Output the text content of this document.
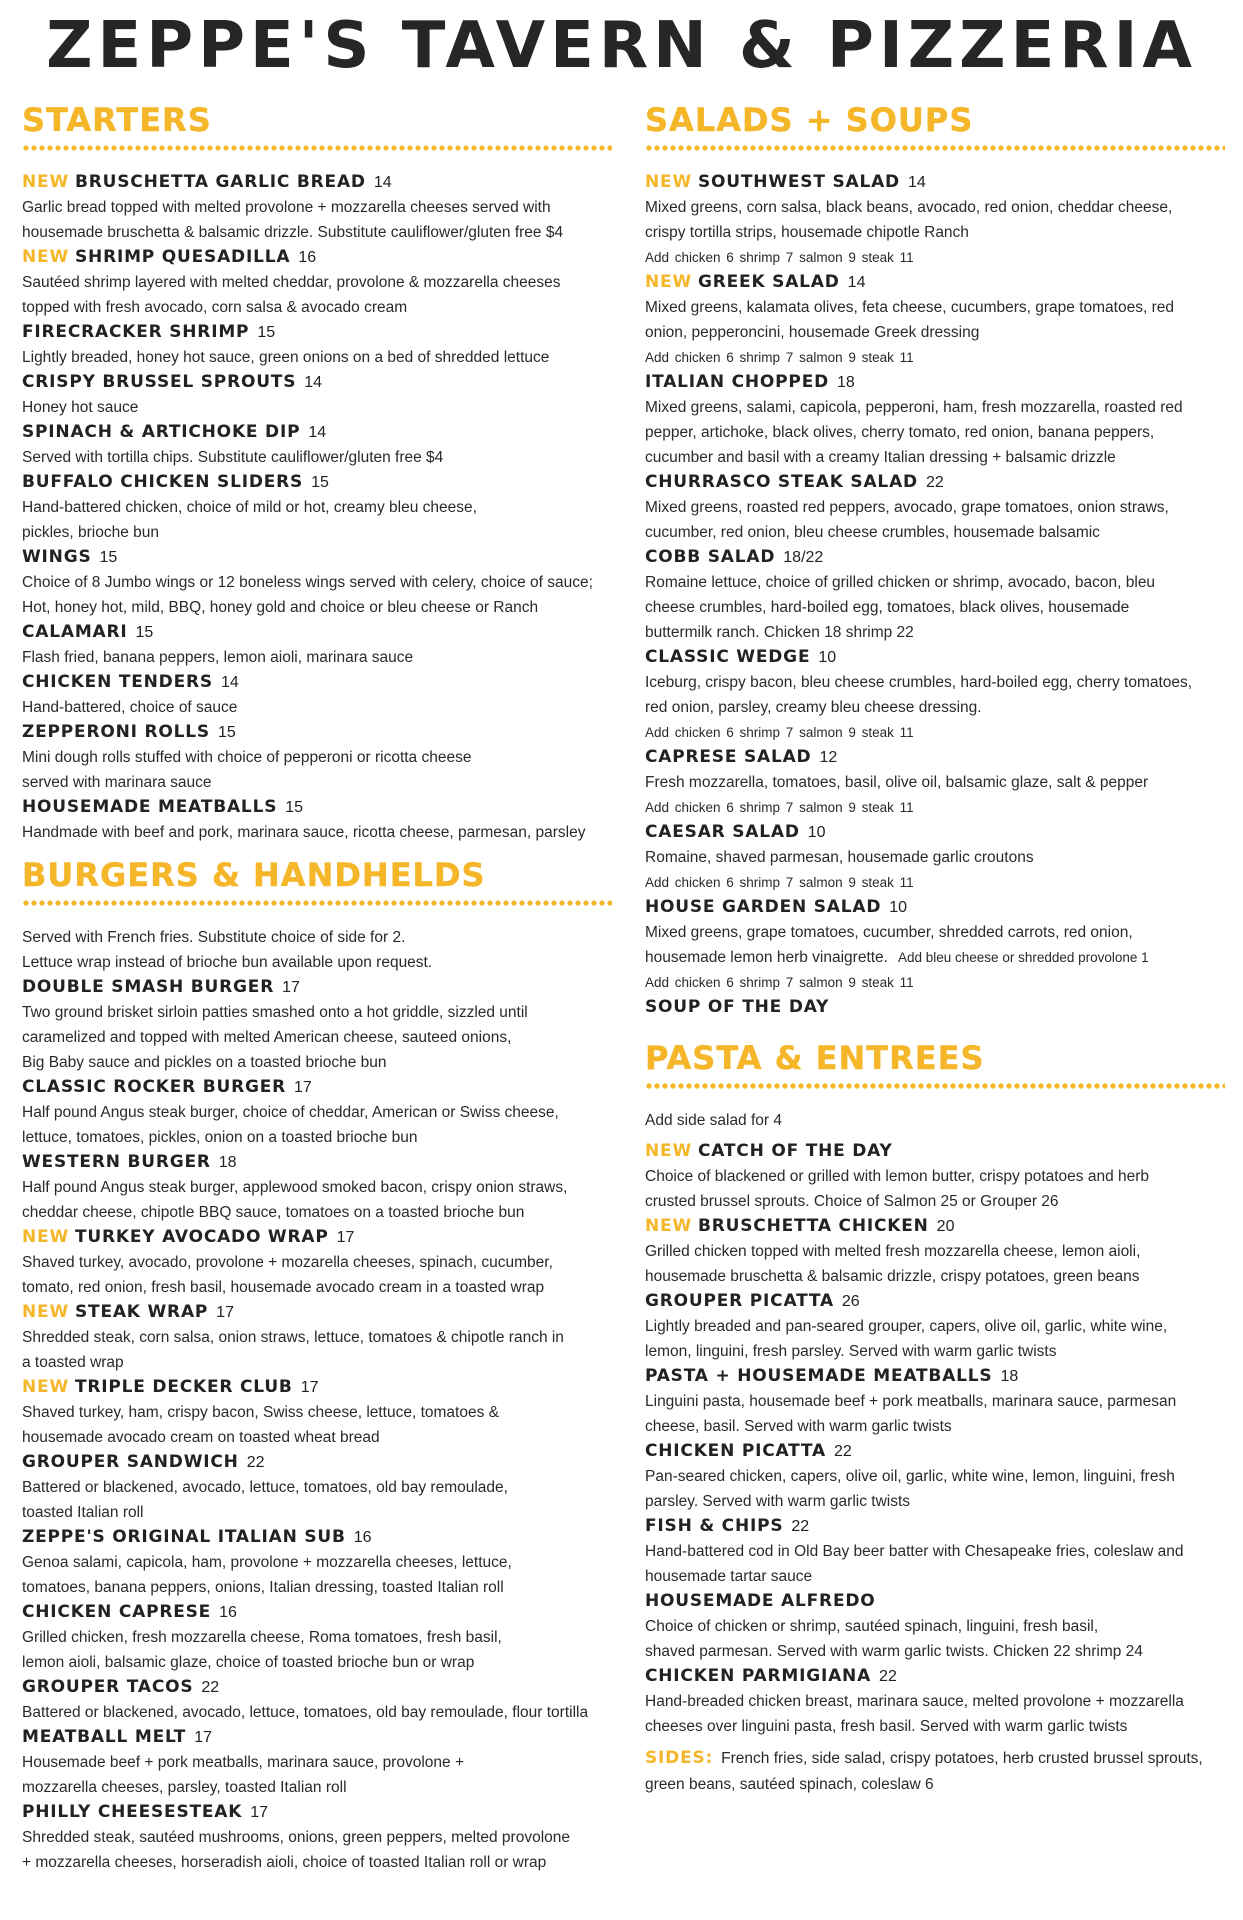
ZEPPE'S TAVERN & PIZZERIA
STARTERS
NEW BRUSCHETTA GARLIC BREAD 14
Garlic bread topped with melted provolone + mozzarella cheeses served with
housemade bruschetta & balsamic drizzle. Substitute cauliflower/gluten free $4
NEW SHRIMP QUESADILLA 16
Sautéed shrimp layered with melted cheddar, provolone & mozzarella cheeses
topped with fresh avocado, corn salsa & avocado cream
FIRECRACKER SHRIMP 15
Lightly breaded, honey hot sauce, green onions on a bed of shredded lettuce
CRISPY BRUSSEL SPROUTS 14
Honey hot sauce
SPINACH & ARTICHOKE DIP 14
Served with tortilla chips. Substitute cauliflower/gluten free $4
BUFFALO CHICKEN SLIDERS 15
Hand-battered chicken, choice of mild or hot, creamy bleu cheese,
pickles, brioche bun
WINGS 15
Choice of 8 Jumbo wings or 12 boneless wings served with celery, choice of sauce;
Hot, honey hot, mild, BBQ, honey gold and choice or bleu cheese or Ranch
CALAMARI 15
Flash fried, banana peppers, lemon aioli, marinara sauce
CHICKEN TENDERS 14
Hand-battered, choice of sauce
ZEPPERONI ROLLS 15
Mini dough rolls stuffed with choice of pepperoni or ricotta cheese
served with marinara sauce
HOUSEMADE MEATBALLS 15
Handmade with beef and pork, marinara sauce, ricotta cheese, parmesan, parsley
BURGERS & HANDHELDS
Served with French fries. Substitute choice of side for 2.
Lettuce wrap instead of brioche bun available upon request.
DOUBLE SMASH BURGER 17
Two ground brisket sirloin patties smashed onto a hot griddle, sizzled until
caramelized and topped with melted American cheese, sauteed onions,
Big Baby sauce and pickles on a toasted brioche bun
CLASSIC ROCKER BURGER 17
Half pound Angus steak burger, choice of cheddar, American or Swiss cheese,
lettuce, tomatoes, pickles, onion on a toasted brioche bun
WESTERN BURGER 18
Half pound Angus steak burger, applewood smoked bacon, crispy onion straws,
cheddar cheese, chipotle BBQ sauce, tomatoes on a toasted brioche bun
NEW TURKEY AVOCADO WRAP 17
Shaved turkey, avocado, provolone + mozarella cheeses, spinach, cucumber,
tomato, red onion, fresh basil, housemade avocado cream in a toasted wrap
NEW STEAK WRAP 17
Shredded steak, corn salsa, onion straws, lettuce, tomatoes & chipotle ranch in
a toasted wrap
NEW TRIPLE DECKER CLUB 17
Shaved turkey, ham, crispy bacon, Swiss cheese, lettuce, tomatoes &
housemade avocado cream on toasted wheat bread
GROUPER SANDWICH 22
Battered or blackened, avocado, lettuce, tomatoes, old bay remoulade,
toasted Italian roll
ZEPPE'S ORIGINAL ITALIAN SUB 16
Genoa salami, capicola, ham, provolone + mozzarella cheeses, lettuce,
tomatoes, banana peppers, onions, Italian dressing, toasted Italian roll
CHICKEN CAPRESE 16
Grilled chicken, fresh mozzarella cheese, Roma tomatoes, fresh basil,
lemon aioli, balsamic glaze, choice of toasted brioche bun or wrap
GROUPER TACOS 22
Battered or blackened, avocado, lettuce, tomatoes, old bay remoulade, flour tortilla
MEATBALL MELT 17
Housemade beef + pork meatballs, marinara sauce, provolone +
mozzarella cheeses, parsley, toasted Italian roll
PHILLY CHEESESTEAK 17
Shredded steak, sautéed mushrooms, onions, green peppers, melted provolone
+ mozzarella cheeses, horseradish aioli, choice of toasted Italian roll or wrap
SALADS + SOUPS
NEW SOUTHWEST SALAD 14
Mixed greens, corn salsa, black beans, avocado, red onion, cheddar cheese,
crispy tortilla strips, housemade chipotle Ranch
Add chicken 6 shrimp 7 salmon 9 steak 11
NEW GREEK SALAD 14
Mixed greens, kalamata olives, feta cheese, cucumbers, grape tomatoes, red
onion, pepperoncini, housemade Greek dressing
Add chicken 6 shrimp 7 salmon 9 steak 11
ITALIAN CHOPPED 18
Mixed greens, salami, capicola, pepperoni, ham, fresh mozzarella, roasted red
pepper, artichoke, black olives, cherry tomato, red onion, banana peppers,
cucumber and basil with a creamy Italian dressing + balsamic drizzle
CHURRASCO STEAK SALAD 22
Mixed greens, roasted red peppers, avocado, grape tomatoes, onion straws,
cucumber, red onion, bleu cheese crumbles, housemade balsamic
COBB SALAD 18/22
Romaine lettuce, choice of grilled chicken or shrimp, avocado, bacon, bleu
cheese crumbles, hard-boiled egg, tomatoes, black olives, housemade
buttermilk ranch. Chicken 18 shrimp 22
CLASSIC WEDGE 10
Iceburg, crispy bacon, bleu cheese crumbles, hard-boiled egg, cherry tomatoes,
red onion, parsley, creamy bleu cheese dressing.
Add chicken 6 shrimp 7 salmon 9 steak 11
CAPRESE SALAD 12
Fresh mozzarella, tomatoes, basil, olive oil, balsamic glaze, salt & pepper
Add chicken 6 shrimp 7 salmon 9 steak 11
CAESAR SALAD 10
Romaine, shaved parmesan, housemade garlic croutons
Add chicken 6 shrimp 7 salmon 9 steak 11
HOUSE GARDEN SALAD 10
Mixed greens, grape tomatoes, cucumber, shredded carrots, red onion,
housemade lemon herb vinaigrette. Add bleu cheese or shredded provolone 1
Add chicken 6 shrimp 7 salmon 9 steak 11
SOUP OF THE DAY
PASTA & ENTREES
Add side salad for 4
NEW CATCH OF THE DAY
Choice of blackened or grilled with lemon butter, crispy potatoes and herb
crusted brussel sprouts. Choice of Salmon 25 or Grouper 26
NEW BRUSCHETTA CHICKEN 20
Grilled chicken topped with melted fresh mozzarella cheese, lemon aioli,
housemade bruschetta & balsamic drizzle, crispy potatoes, green beans
GROUPER PICATTA 26
Lightly breaded and pan-seared grouper, capers, olive oil, garlic, white wine,
lemon, linguini, fresh parsley. Served with warm garlic twists
PASTA + HOUSEMADE MEATBALLS 18
Linguini pasta, housemade beef + pork meatballs, marinara sauce, parmesan
cheese, basil. Served with warm garlic twists
CHICKEN PICATTA 22
Pan-seared chicken, capers, olive oil, garlic, white wine, lemon, linguini, fresh
parsley. Served with warm garlic twists
FISH & CHIPS 22
Hand-battered cod in Old Bay beer batter with Chesapeake fries, coleslaw and
housemade tartar sauce
HOUSEMADE ALFREDO
Choice of chicken or shrimp, sautéed spinach, linguini, fresh basil,
shaved parmesan. Served with warm garlic twists. Chicken 22 shrimp 24
CHICKEN PARMIGIANA 22
Hand-breaded chicken breast, marinara sauce, melted provolone + mozzarella
cheeses over linguini pasta, fresh basil. Served with warm garlic twists
SIDES: French fries, side salad, crispy potatoes, herb crusted brussel sprouts,
green beans, sautéed spinach, coleslaw 6
